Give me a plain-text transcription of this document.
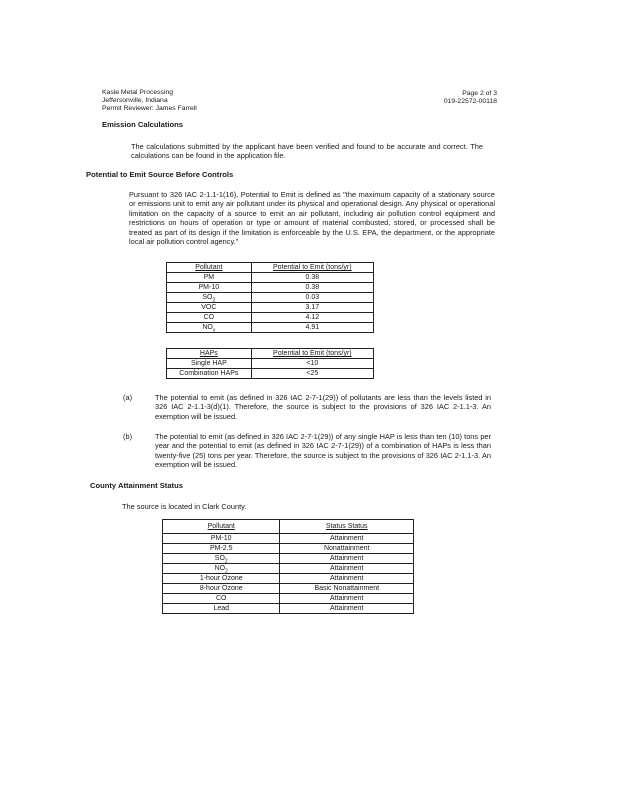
Kasle Metal Processing
Jeffersonville, Indiana
Permit Reviewer: James Farrell
Page 2 of 3
019-22572-00118
Emission Calculations
The calculations submitted by the applicant have been verified and found to be accurate and correct. The calculations can be found in the application file.
Potential to Emit Source Before Controls
Pursuant to 326 IAC 2-1.1-1(16), Potential to Emit is defined as "the maximum capacity of a stationary source or emissions unit to emit any air pollutant under its physical and operational design. Any physical or operational limitation on the capacity of a source to emit an air pollutant, including air pollution control equipment and restrictions on hours of operation or type or amount of material combusted, stored, or processed shall be treated as part of its design if the limitation is enforceable by the U.S. EPA, the department, or the appropriate local air pollution control agency."
Pollutant	Potential to Emit (tons/yr)
PM	0.38
PM-10	0.38
$SO_2$	0.03
VOC	3.17
CO	4.12
$NO_x$	4.91
HAPs	Potential to Emit (tons/yr)
Single HAP	<10
Combination HAPs	<25
(a)	The potential to emit (as defined in 326 IAC 2-7-1(29)) of pollutants are less than the levels listed in 326 IAC 2-1.1-3(d)(1). Therefore, the source is subject to the provisions of 326 IAC 2-1.1-3. An exemption will be issued.
(b)	The potential to emit (as defined in 326 IAC 2-7-1(29)) of any single HAP is less than ten (10) tons per year and the potential to emit (as defined in 326 IAC 2-7-1(29)) of a combination of HAPs is less than twenty-five (25) tons per year. Therefore, the source is subject to the provisions of 326 IAC 2-1.1-3. An exemption will be issued.
County Attainment Status
The source is located in Clark County.
Pollutant	Status Status
PM-10	Attainment
PM-2.5	Nonattainment
$SO_2$	Attainment
$NO_2$	Attainment
1-hour Ozone	Attainment
8-hour Ozone	Basic Nonattainment
CO	Attainment
Lead	Attainment
